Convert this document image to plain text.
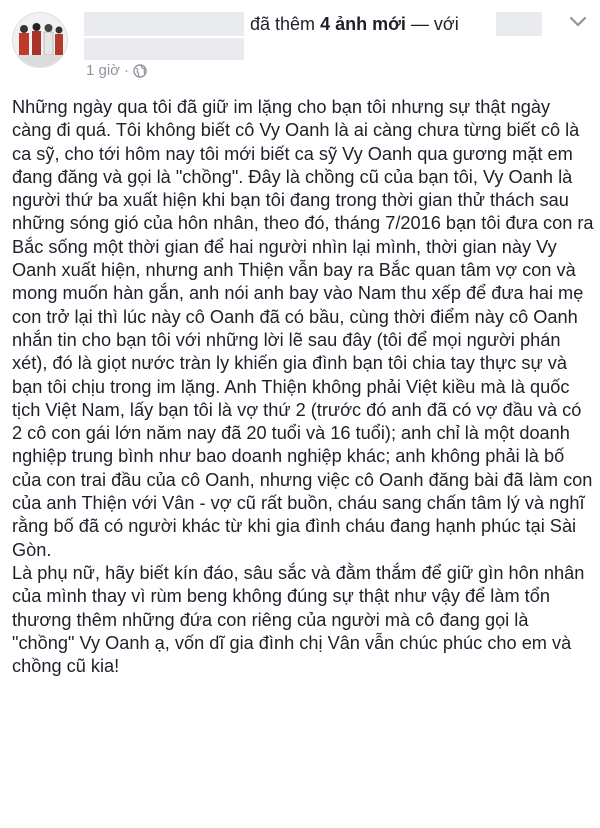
đã thêm 4 ảnh mới — với
1 giờ ·

Những ngày qua tôi đã giữ im lặng cho bạn tôi nhưng sự thật ngày càng đi quá. Tôi không biết cô Vy Oanh là ai càng chưa từng biết cô là ca sỹ, cho tới hôm nay tôi mới biết ca sỹ Vy Oanh qua gương mặt em đang đăng và gọi là "chồng". Đây là chồng cũ của bạn tôi, Vy Oanh là người thứ ba xuất hiện khi bạn tôi đang trong thời gian thử thách sau những sóng gió của hôn nhân, theo đó, tháng 7/2016 bạn tôi đưa con ra Bắc sống một thời gian để hai người nhìn lại mình, thời gian này Vy Oanh xuất hiện, nhưng anh Thiện vẫn bay ra Bắc quan tâm vợ con và mong muốn hàn gắn, anh nói anh bay vào Nam thu xếp để đưa hai mẹ con trở lại thì lúc này cô Oanh đã có bầu, cùng thời điểm này cô Oanh nhắn tin cho bạn tôi với những lời lẽ sau đây (tôi để mọi người phán xét), đó là giọt nước tràn ly khiến gia đình bạn tôi chia tay thực sự và bạn tôi chịu trong im lặng. Anh Thiện không phải Việt kiều mà là quốc tịch Việt Nam, lấy bạn tôi là vợ thứ 2 (trước đó anh đã có vợ đầu và có 2 cô con gái lớn năm nay đã 20 tuổi và 16 tuổi); anh chỉ là một doanh nghiệp trung bình như bao doanh nghiệp khác; anh không phải là bố của con trai đầu của cô Oanh, nhưng việc cô Oanh đăng bài đã làm con của anh Thiện với Vân - vợ cũ rất buồn, cháu sang chấn tâm lý và nghĩ rằng bố đã có người khác từ khi gia đình cháu đang hạnh phúc tại Sài Gòn.

Là phụ nữ, hãy biết kín đáo, sâu sắc và đằm thắm để giữ gìn hôn nhân của mình thay vì rùm beng không đúng sự thật như vậy để làm tổn thương thêm những đứa con riêng của người mà cô đang gọi là "chồng" Vy Oanh ạ, vốn dĩ gia đình chị Vân vẫn chúc phúc cho em và chồng cũ kia!
